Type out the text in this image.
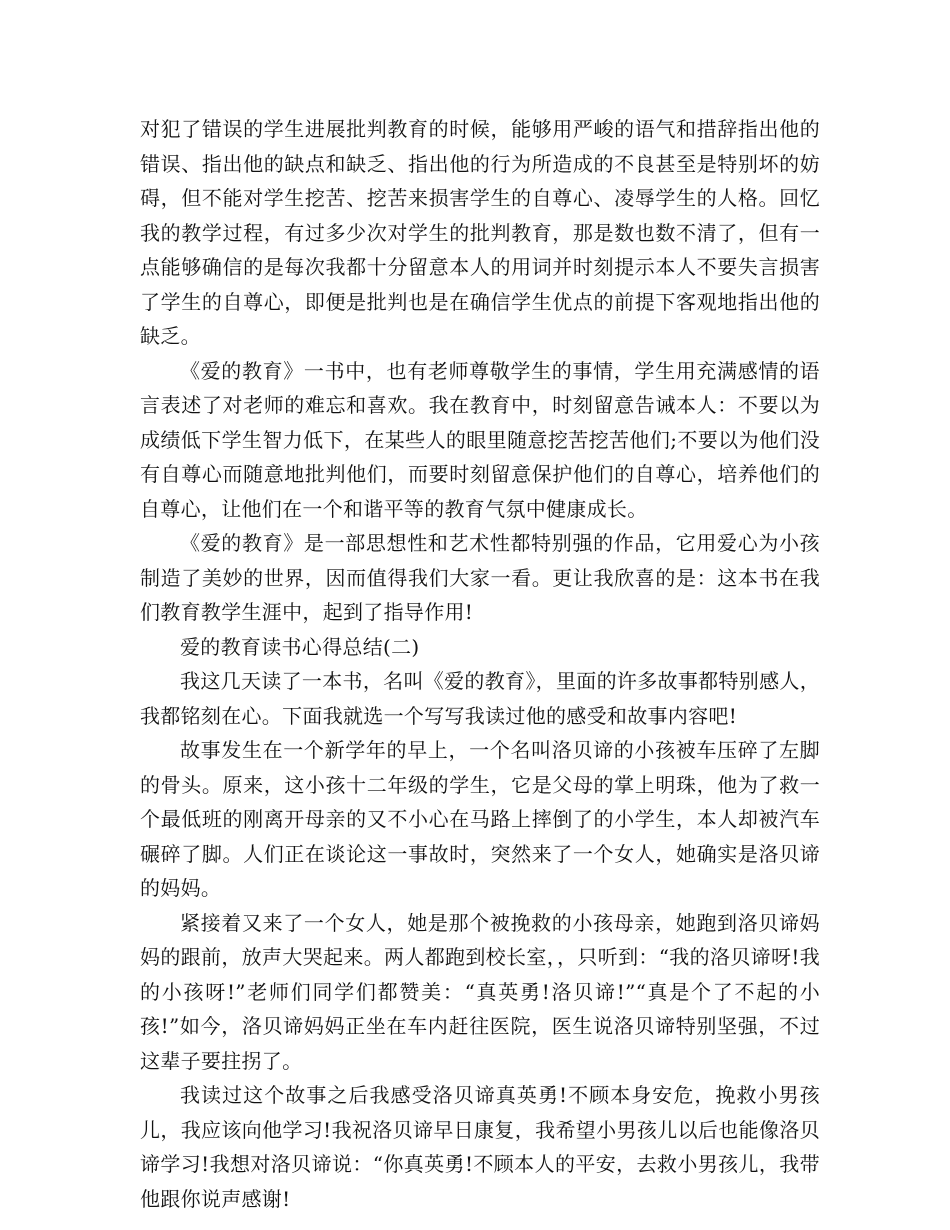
对犯了错误的学生进展批判教育的时候，能够用严峻的语气和措辞指出他的错误、指出他的缺点和缺乏、指出他的行为所造成的不良甚至是特别坏的妨碍，但不能对学生挖苦、挖苦来损害学生的自尊心、凌辱学生的人格。回忆我的教学过程，有过多少次对学生的批判教育，那是数也数不清了，但有一点能够确信的是每次我都十分留意本人的用词并时刻提示本人不要失言损害了学生的自尊心，即便是批判也是在确信学生优点的前提下客观地指出他的缺乏。

《爱的教育》一书中，也有老师尊敬学生的事情，学生用充满感情的语言表述了对老师的难忘和喜欢。我在教育中，时刻留意告诫本人：不要以为成绩低下学生智力低下，在某些人的眼里随意挖苦挖苦他们;不要以为他们没有自尊心而随意地批判他们，而要时刻留意保护他们的自尊心，培养他们的自尊心，让他们在一个和谐平等的教育气氛中健康成长。

《爱的教育》是一部思想性和艺术性都特别强的作品，它用爱心为小孩制造了美妙的世界，因而值得我们大家一看。更让我欣喜的是：这本书在我们教育教学生涯中，起到了指导作用!

爱的教育读书心得总结(二)

我这几天读了一本书，名叫《爱的教育》，里面的许多故事都特别感人，我都铭刻在心。下面我就选一个写写我读过他的感受和故事内容吧!

故事发生在一个新学年的早上，一个名叫洛贝谛的小孩被车压碎了左脚的骨头。原来，这小孩十二年级的学生，它是父母的掌上明珠，他为了救一个最低班的刚离开母亲的又不小心在马路上摔倒了的小学生，本人却被汽车碾碎了脚。人们正在谈论这一事故时，突然来了一个女人，她确实是洛贝谛的妈妈。

紧接着又来了一个女人，她是那个被挽救的小孩母亲，她跑到洛贝谛妈妈的跟前，放声大哭起来。两人都跑到校长室，，只听到：“我的洛贝谛呀!我的小孩呀!”老师们同学们都赞美：“真英勇!洛贝谛!”“真是个了不起的小孩!”如今，洛贝谛妈妈正坐在车内赶往医院，医生说洛贝谛特别坚强，不过这辈子要拄拐了。

我读过这个故事之后我感受洛贝谛真英勇!不顾本身安危，挽救小男孩儿，我应该向他学习!我祝洛贝谛早日康复，我希望小男孩儿以后也能像洛贝谛学习!我想对洛贝谛说：“你真英勇!不顾本人的平安，去救小男孩儿，我带他跟你说声感谢!
